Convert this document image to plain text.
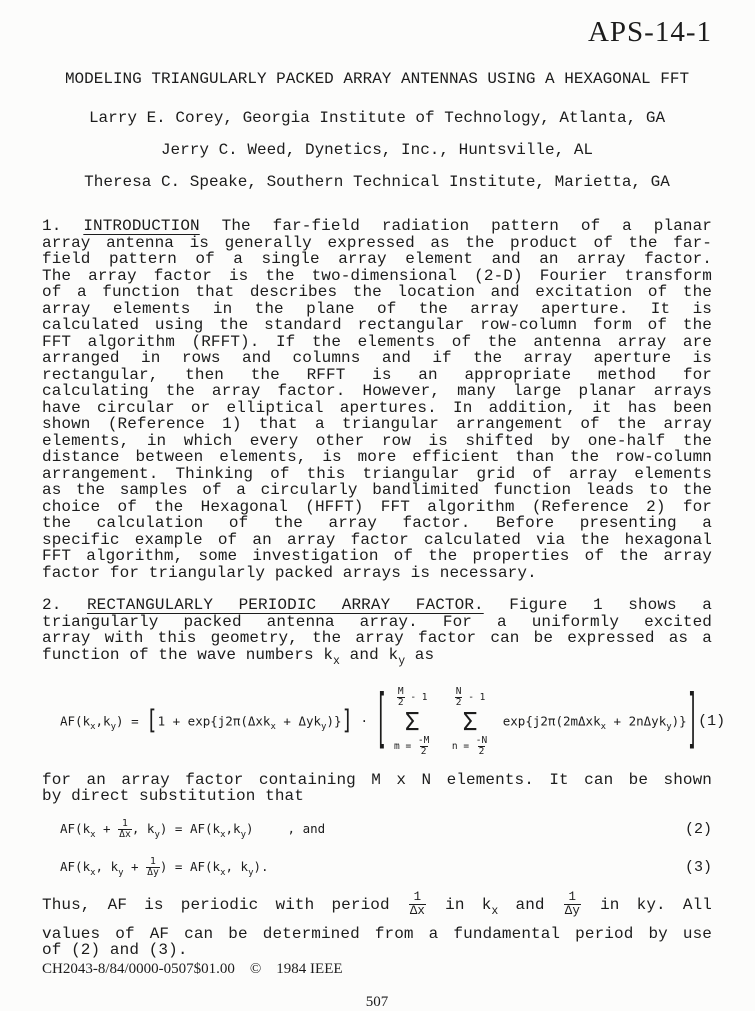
APS-14-1
MODELING TRIANGULARLY PACKED ARRAY ANTENNAS USING A HEXAGONAL FFT
Larry E. Corey, Georgia Institute of Technology, Atlanta, GA
Jerry C. Weed, Dynetics, Inc., Huntsville, AL
Theresa C. Speake, Southern Technical Institute, Marietta, GA
1. INTRODUCTION The far-field radiation pattern of a planar
array antenna is generally expressed as the product of the far-
field pattern of a single array element and an array factor.
The array factor is the two-dimensional (2-D) Fourier transform
of a function that describes the location and excitation of the
array elements in the plane of the array aperture. It is
calculated using the standard rectangular row-column form of the
FFT algorithm (RFFT). If the elements of the antenna array are
arranged in rows and columns and if the array aperture is
rectangular, then the RFFT is an appropriate method for
calculating the array factor. However, many large planar arrays
have circular or elliptical apertures. In addition, it has been
shown (Reference 1) that a triangular arrangement of the array
elements, in which every other row is shifted by one-half the
distance between elements, is more efficient than the row-column
arrangement. Thinking of this triangular grid of array elements
as the samples of a circularly bandlimited function leads to the
choice of the Hexagonal (HFFT) FFT algorithm (Reference 2) for
the calculation of the array factor. Before presenting a
specific example of an array factor calculated via the hexagonal
FFT algorithm, some investigation of the properties of the array
factor for triangularly packed arrays is necessary.
2. RECTANGULARLY PERIODIC ARRAY FACTOR. Figure 1 shows a
triangularly packed antenna array. For a uniformly excited
array with this geometry, the array factor can be expressed as a
function of the wave numbers $k_x$ and $k_y$ as
$AF(k_x,k_y) = [1 + \exp\{j2\pi(\Delta xk_x + \Delta yk_y)\}]$ · [ $\frac{M}{2} - 1$
Σ
$m = \frac{-M}{2}$

$\frac{N}{2} - 1$
Σ
$n = \frac{-N}{2}$
exp{j2π(2mΔxk$_x$ + 2nΔyk$_y$)}] (1)
for an array factor containing M x N elements. It can be shown
by direct substitution that
$AF(k_x + \frac{1}{\Delta x}$ , $k_y) = AF(k_x,k_y)$	, and	(2)
$AF(k_x$, $k_y + \frac{1}{\Delta y}$ ) = $AF(k_x$, $k_y$).	(3)
Thus, AF is periodic with period $\frac{1}{\Delta x}$ in $k_x$ and $\frac{1}{\Delta y}$ in ky. All
values of AF can be determined from a fundamental period by use
of (2) and (3).
CH2043-8/84/0000-0507$01.00    ©    1984 IEEE
507
